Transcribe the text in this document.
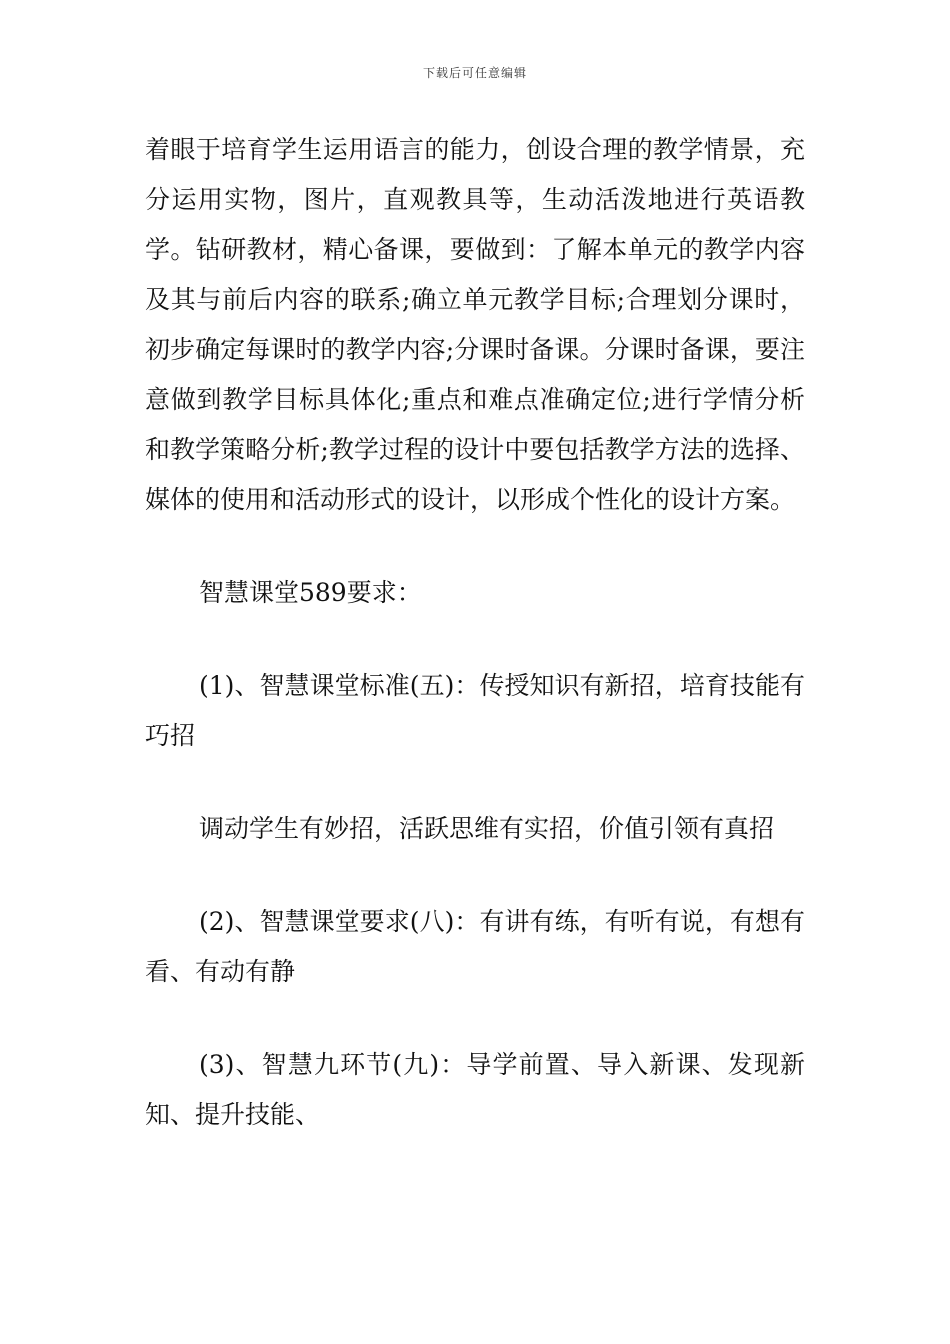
下载后可任意编辑

着眼于培育学生运用语言的能力，创设合理的教学情景，充分运用实物，图片，直观教具等，生动活泼地进行英语教学。钻研教材，精心备课，要做到：了解本单元的教学内容及其与前后内容的联系;确立单元教学目标;合理划分课时，初步确定每课时的教学内容;分课时备课。分课时备课，要注意做到教学目标具体化;重点和难点准确定位;进行学情分析和教学策略分析;教学过程的设计中要包括教学方法的选择、媒体的使用和活动形式的设计，以形成个性化的设计方案。

智慧课堂589要求：

(1)、智慧课堂标准(五)：传授知识有新招，培育技能有巧招

调动学生有妙招，活跃思维有实招，价值引领有真招

(2)、智慧课堂要求(八)：有讲有练，有听有说，有想有看、有动有静

(3)、智慧九环节(九)：导学前置、导入新课、发现新知、提升技能、
